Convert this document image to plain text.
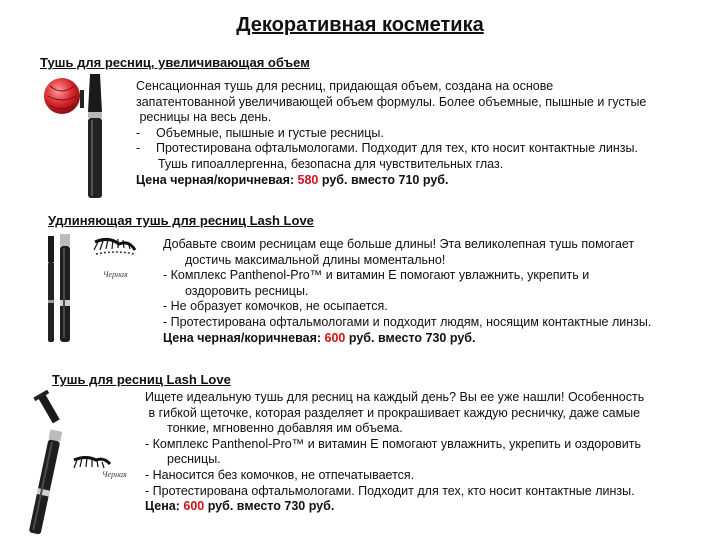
Декоративная косметика
Тушь для ресниц, увеличивающая объем
Сенсационная тушь для ресниц, придающая объем, создана на основе
запатентованной увеличивающей объем формулы. Более объемные, пышные и густые
ресницы на весь день.
- Объемные, пышные и густые ресницы.
- Протестирована офтальмологами. Подходит для тех, кто носит контактные линзы.
Тушь гипоаллергенна, безопасна для чувствительных глаз.
Цена черная/коричневая: 580 руб. вместо 710 руб.
Удлиняющая тушь для ресниц Lash Love
Черная
Добавьте своим ресницам еще больше длины! Эта великолепная тушь помогает
достичь максимальной длины моментально!
- Комплекс Panthenol-Pro™ и витамин E помогают увлажнить, укрепить и
оздоровить ресницы.
- Не образует комочков, не осыпается.
- Протестирована офтальмологами и подходит людям, носящим контактные линзы.
Цена черная/коричневая: 600 руб. вместо 730 руб.
Тушь для ресниц Lash Love
Черная
Ищете идеальную тушь для ресниц на каждый день? Вы ее уже нашли! Особенность
в гибкой щеточке, которая разделяет и прокрашивает каждую ресничку, даже самые
тонкие, мгновенно добавляя им объема.
- Комплекс Panthenol-Pro™ и витамин E помогают увлажнить, укрепить и оздоровить
ресницы.
- Наносится без комочков, не отпечатывается.
- Протестирована офтальмологами. Подходит для тех, кто носит контактные линзы.
Цена: 600 руб. вместо 730 руб.
